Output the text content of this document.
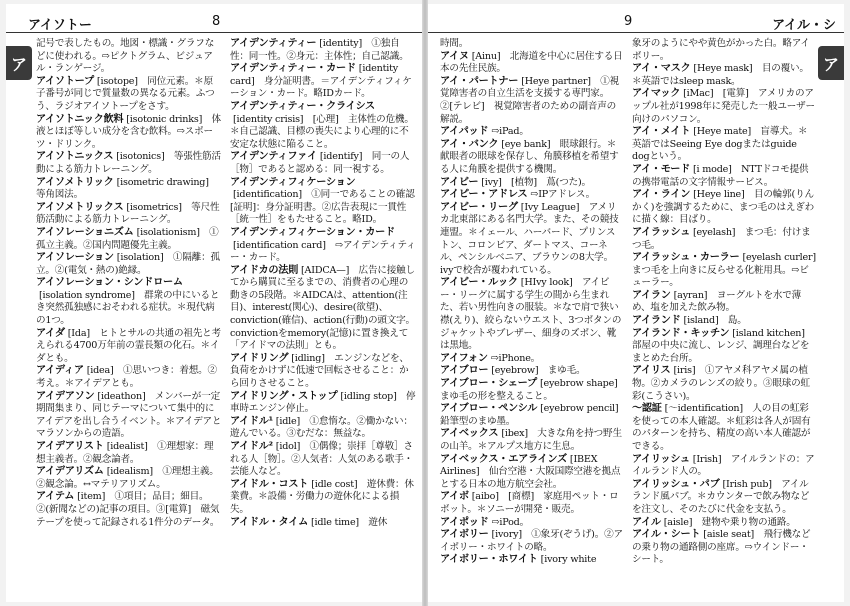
アイソトー	8
ア

記号で表したもの。地図・標識・グラフなどに使われる。⇨ピクトグラム、ビジュアル・ランゲージ。

アイソトープ [isotope]　同位元素。＊原子番号が同じで質量数の異なる元素。ふつう、ラジオアイソトープをさす。

アイソトニック飲料 [isotonic drinks]　体液とほぼ等しい成分を含む飲料。⇨スポーツ・ドリンク。

アイソトニックス [isotonics]　等張性筋活動による筋力トレーニング。

アイソメトリック [isometric drawing]　等角図法。

アイソメトリックス [isometrics]　等尺性筋活動による筋力トレーニング。

アイソレーショニズム [isolationism]　①孤立主義。②国内問題優先主義。

アイソレーション [isolation]　①隔離：孤立。②(電気・熱の)絶縁。

アイソレーション・シンドローム[isolation syndrome]　群衆の中にいるとき突然孤独感におそわれる症状。＊現代病の1つ。

アイダ [Ida]　ヒトとサルの共通の祖先と考えられる4700万年前の霊長類の化石。＊イダとも。

アイディア [idea]　①思いつき：着想。②考え。＊アイデアとも。

アイデアソン [ideathon]　メンバーが一定期間集まり、同じテーマについて集中的にアイデアを出し合うイベント。＊アイデアとマラソンからの造語。

アイデアリスト [idealist]　①理想家：理想主義者。②観念論者。

アイデアリズム [idealism]　①理想主義。②観念論。↔マテリアリズム。

アイテム [item]　①項目；品目；細目。②(新聞などの)記事の項目。③[電算]　磁気テープを使って記録される1件分のデータ。

アイデンティティー [identity]　①独自性：同一性。②身元：主体性；自己認識。

アイデンティティー・カード [identity card]　身分証明書。＝アイデンティフィケーション・カード。略IDカード。

アイデンティティー・クライシス[identity crisis]　[心理]　主体性の危機。＊自己認識、目標の喪失により心理的に不安定な状態に陥ること。

アイデンティファイ [identify]　同一の人［物］であると認める：同一視する。

アイデンティフィケーション[identification]　①同一であることの確認[証明]：身分証明書。②広告表現に一貫性［統一性］をもたせること。略ID。

アイデンティフィケーション・カード[identification card]　⇨アイデンティティー・カード。

アイドカの法則 [AIDCA—]　広告に接触してから購買に至るまでの、消費者の心理の動きの5段階。＊AIDCAは、attention(注目)、interest(関心)、desire(欲望)、conviction(確信)、action(行動)の頭文字。convictionをmemory(記憶)に置き換えて「アイドマの法則」とも。

アイドリング [idling]　エンジンなどを、負荷をかけずに低速で回転させること：から回りさせること。

アイドリング・ストップ [idling stop]　停車時エンジン停止。

アイドル¹ [idle]　①怠惰な。②働かない：遊んでいる。③むだな：無益な。

アイドル² [idol]　①偶像；崇拝［尊敬］される人［物］。②人気者：人気のある歌手・芸能人など。

アイドル・コスト [idle cost]　遊休費：休業費。＊設備・労働力の遊休化による損失。

アイドル・タイム [idle time]　遊休

9	アイル・シ
ア

時間。

アイヌ [Ainu]　北海道を中心に居住する日本の先住民族。

アイ・パートナー [Heye partner]　①視覚障害者の自立生活を支援する専門家。②[テレビ]　視覚障害者のための副音声の解説。

アイパッド ⇨iPad。

アイ・バンク [eye bank]　眼球銀行。＊献眼者の眼球を保存し、角膜移植を希望する人に角膜を提供する機関。

アイビー [ivy]　[植物]　蔦(つた)。

アイピー・アドレス ⇨IPアドレス。

アイビー・リーグ [Ivy League]　アメリカ北東部にある名門大学。また、その競技連盟。＊イェール、ハーバード、プリンストン、コロンビア、ダートマス、コーネル、ペンシルベニア、ブラウンの8大学。ivyで校舎が覆われている。

アイビー・ルック [HIvy look]　アイビー・リーグに属する学生の間から生まれた、若い男性向きの服装。＊なで肩で狭い襟(えり)、絞らないウエスト、3つボタンのジャケットやブレザー、細身のズボン、靴は黒地。

アイフォン ⇨iPhone。

アイブロー [eyebrow]　まゆ毛。

アイブロー・シェープ [eyebrow shape]　まゆ毛の形を整えること。

アイブロー・ペンシル [eyebrow pencil]　鉛筆型のまゆ墨。

アイベックス [ibex]　大きな角を持つ野生の山羊。＊アルプス地方に生息。

アイベックス・エアラインズ [IBEX Airlines]　仙台空港・大阪国際空港を拠点とする日本の地方航空会社。

アイボ [aibo]　[商標]　家庭用ペット・ロボット。＊ソニーが開発・販売。

アイポッド ⇨iPod。

アイボリー [ivory]　①象牙(ぞうげ)。②アイボリー・ホワイトの略。

アイボリー・ホワイト [ivory white

象牙のようにやや黄色がかった白。略アイボリー。

アイ・マスク [Heye mask]　目の覆い。＊英語ではsleep mask。

アイマック [iMac]　[電算]　アメリカのアップル社が1998年に発売した一般ユーザー向けのパソコン。

アイ・メイト [Heye mate]　盲導犬。＊英語ではSeeing Eye dogまたはguide dogという。

アイ・モード [i mode]　NTTドコモ提供の携帯電話の文字情報サービス。

アイ・ライン [Heye line]　目の輪郭(りんかく)を強調するために、まつ毛のはえぎわに描く線：目ばり。

アイラッシュ [eyelash]　まつ毛：付けまつ毛。

アイラッシュ・カーラー [eyelash curler]　まつ毛を上向きに反らせる化粧用具。⇨ビューラー。

アイラン [ayran]　ヨーグルトを水で薄め、塩を加えた飲み物。

アイランド [island]　島。

アイランド・キッチン [island kitchen]　部屋の中央に流し、レンジ、調理台などをまとめた台所。

アイリス [iris]　①アヤメ科アヤメ属の植物。②カメラのレンズの絞り。③眼球の虹彩(こうさい)。

～認証 [～identification]　人の目の虹彩を使っての本人確認。＊虹彩は各人が固有のパターンを持ち、精度の高い本人確認ができる。

アイリッシュ [Irish]　アイルランドの：アイルランド人の。

アイリッシュ・パブ [Irish pub]　アイルランド風パブ。＊カウンターで飲み物などを注文し、そのたびに代金を支払う。

アイル [aisle]　建物や乗り物の通路。

アイル・シート [aisle seat]　飛行機などの乗り物の通路側の座席。⇨ウインドー・シート。
